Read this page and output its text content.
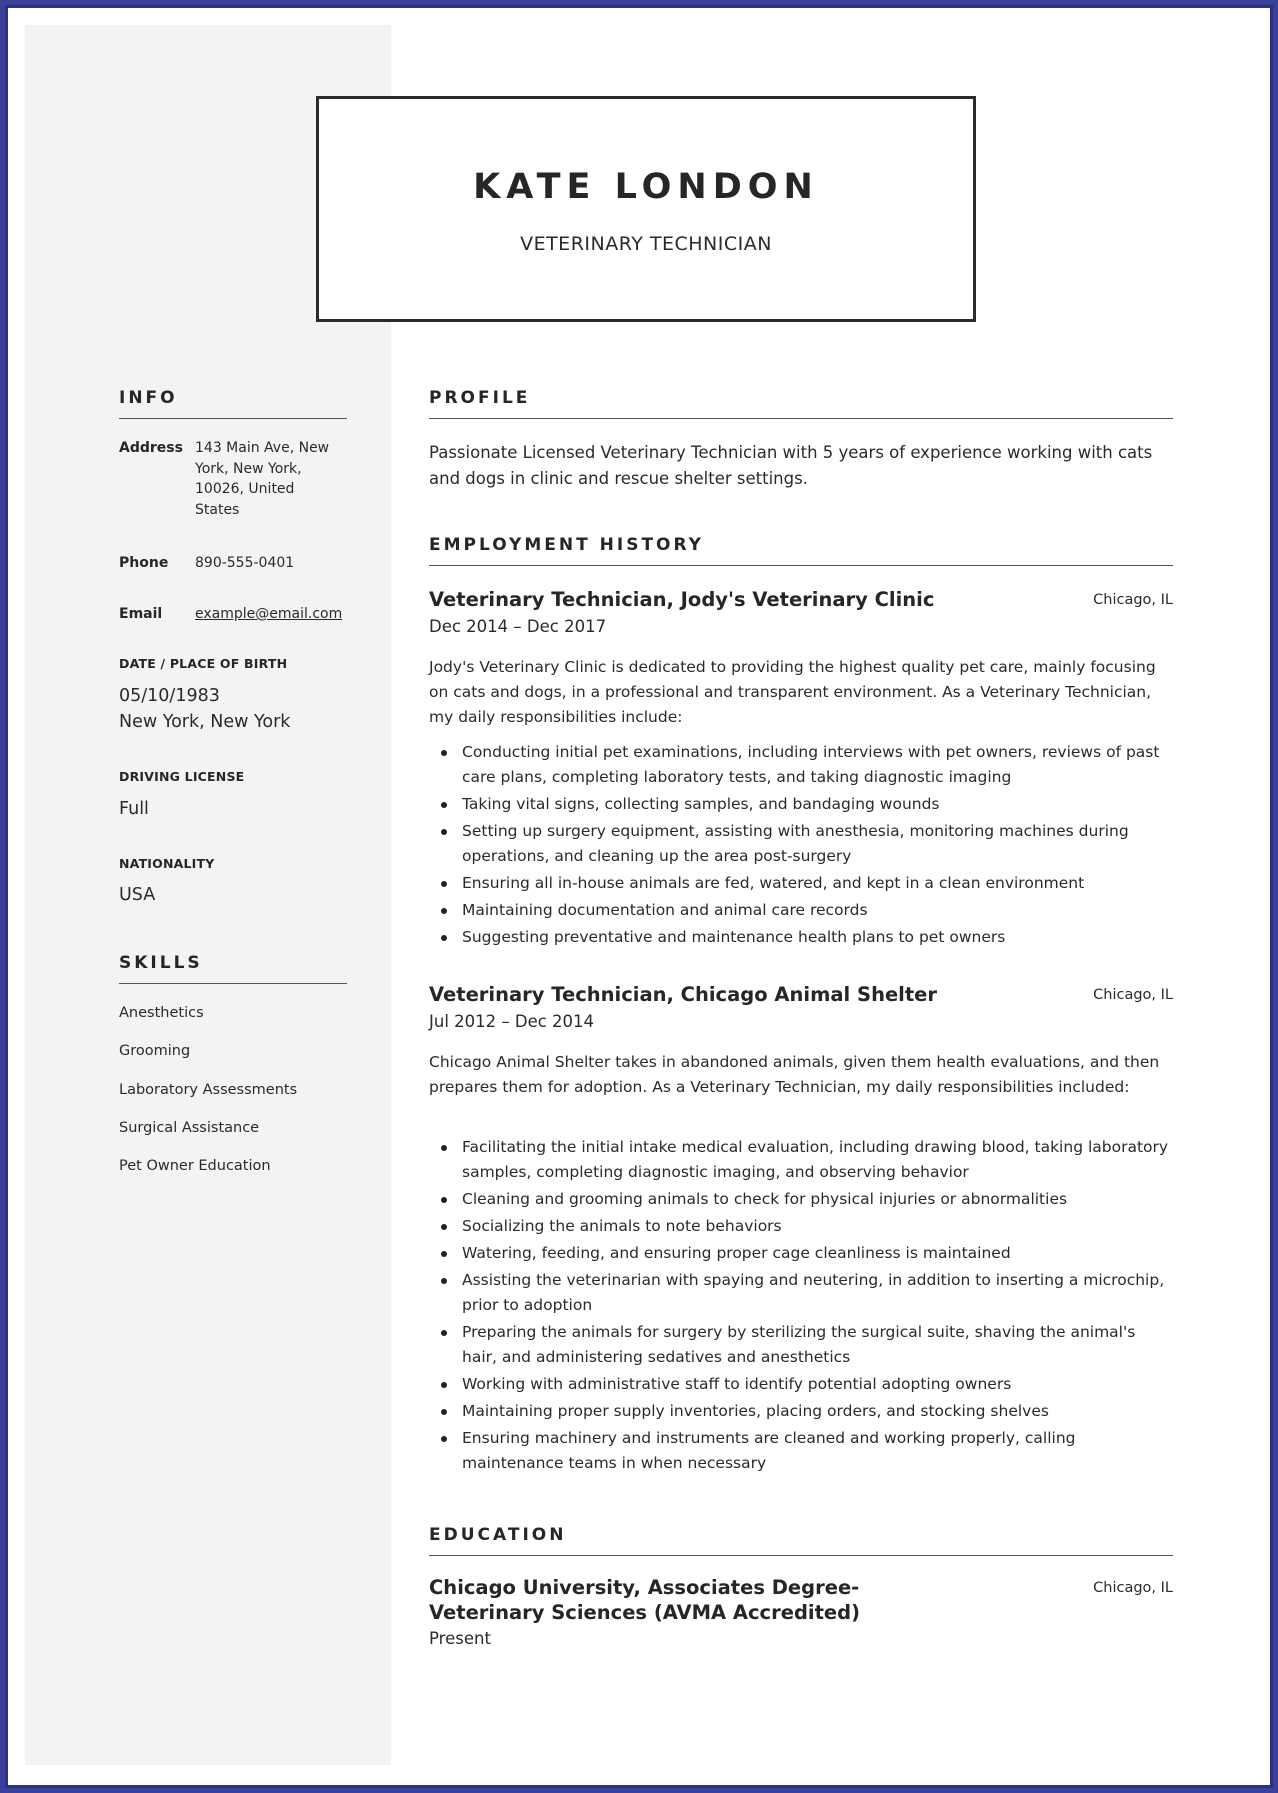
KATE LONDON
VETERINARY TECHNICIAN
INFO
Address 143 Main Ave, New
York, New York,
10026, United
States
Phone 890-555-0401
Email example@email.com
DATE / PLACE OF BIRTH
05/10/1983
New York, New York
DRIVING LICENSE
Full
NATIONALITY
USA
SKILLS
Anesthetics
Grooming
Laboratory Assessments
Surgical Assistance
Pet Owner Education
PROFILE
Passionate Licensed Veterinary Technician with 5 years of experience working with cats and dogs in clinic and rescue shelter settings.
EMPLOYMENT HISTORY
Veterinary Technician, Jody's Veterinary Clinic	Chicago, IL
Dec 2014 – Dec 2017
Jody's Veterinary Clinic is dedicated to providing the highest quality pet care, mainly focusing on cats and dogs, in a professional and transparent environment. As a Veterinary Technician, my daily responsibilities include:
Conducting initial pet examinations, including interviews with pet owners, reviews of past care plans, completing laboratory tests, and taking diagnostic imaging
Taking vital signs, collecting samples, and bandaging wounds
Setting up surgery equipment, assisting with anesthesia, monitoring machines during operations, and cleaning up the area post-surgery
Ensuring all in-house animals are fed, watered, and kept in a clean environment
Maintaining documentation and animal care records
Suggesting preventative and maintenance health plans to pet owners
Veterinary Technician, Chicago Animal Shelter	Chicago, IL
Jul 2012 – Dec 2014
Chicago Animal Shelter takes in abandoned animals, given them health evaluations, and then prepares them for adoption. As a Veterinary Technician, my daily responsibilities included:
Facilitating the initial intake medical evaluation, including drawing blood, taking laboratory samples, completing diagnostic imaging, and observing behavior
Cleaning and grooming animals to check for physical injuries or abnormalities
Socializing the animals to note behaviors
Watering, feeding, and ensuring proper cage cleanliness is maintained
Assisting the veterinarian with spaying and neutering, in addition to inserting a microchip, prior to adoption
Preparing the animals for surgery by sterilizing the surgical suite, shaving the animal's hair, and administering sedatives and anesthetics
Working with administrative staff to identify potential adopting owners
Maintaining proper supply inventories, placing orders, and stocking shelves
Ensuring machinery and instruments are cleaned and working properly, calling maintenance teams in when necessary
EDUCATION
Chicago University, Associates Degree- Veterinary Sciences (AVMA Accredited)
Chicago, IL
Present
